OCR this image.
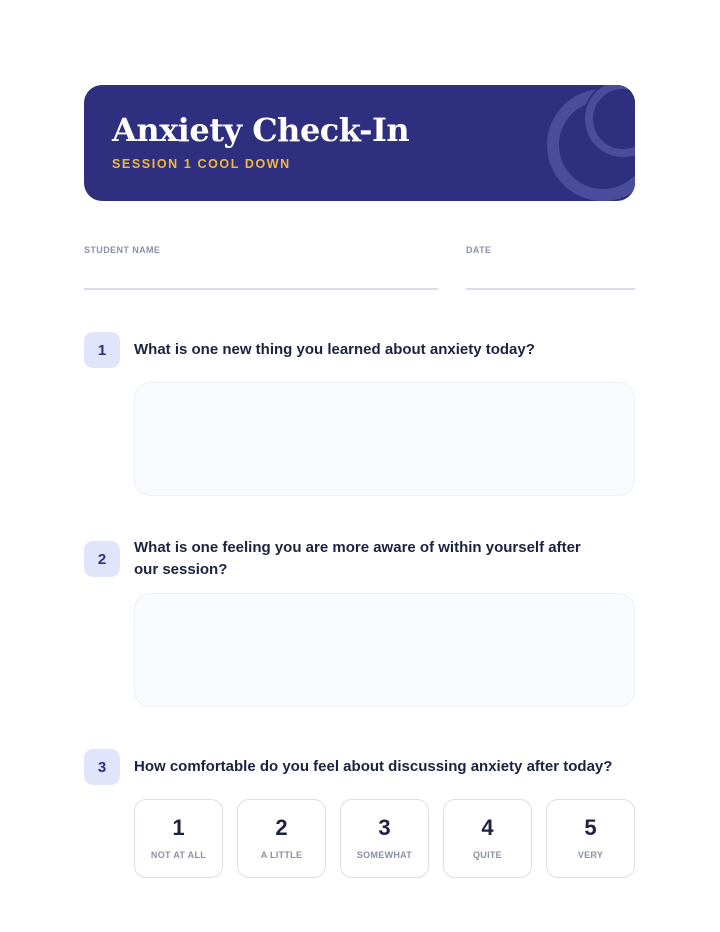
Anxiety Check-In
SESSION 1 COOL DOWN
STUDENT NAME	DATE
1	What is one new thing you learned about anxiety today?
2
What is one feeling you are more aware of within yourself after our session?
3	How comfortable do you feel about discussing anxiety after today?
1
NOT AT ALL
2
A LITTLE
3
SOMEWHAT
4
QUITE
5
VERY
